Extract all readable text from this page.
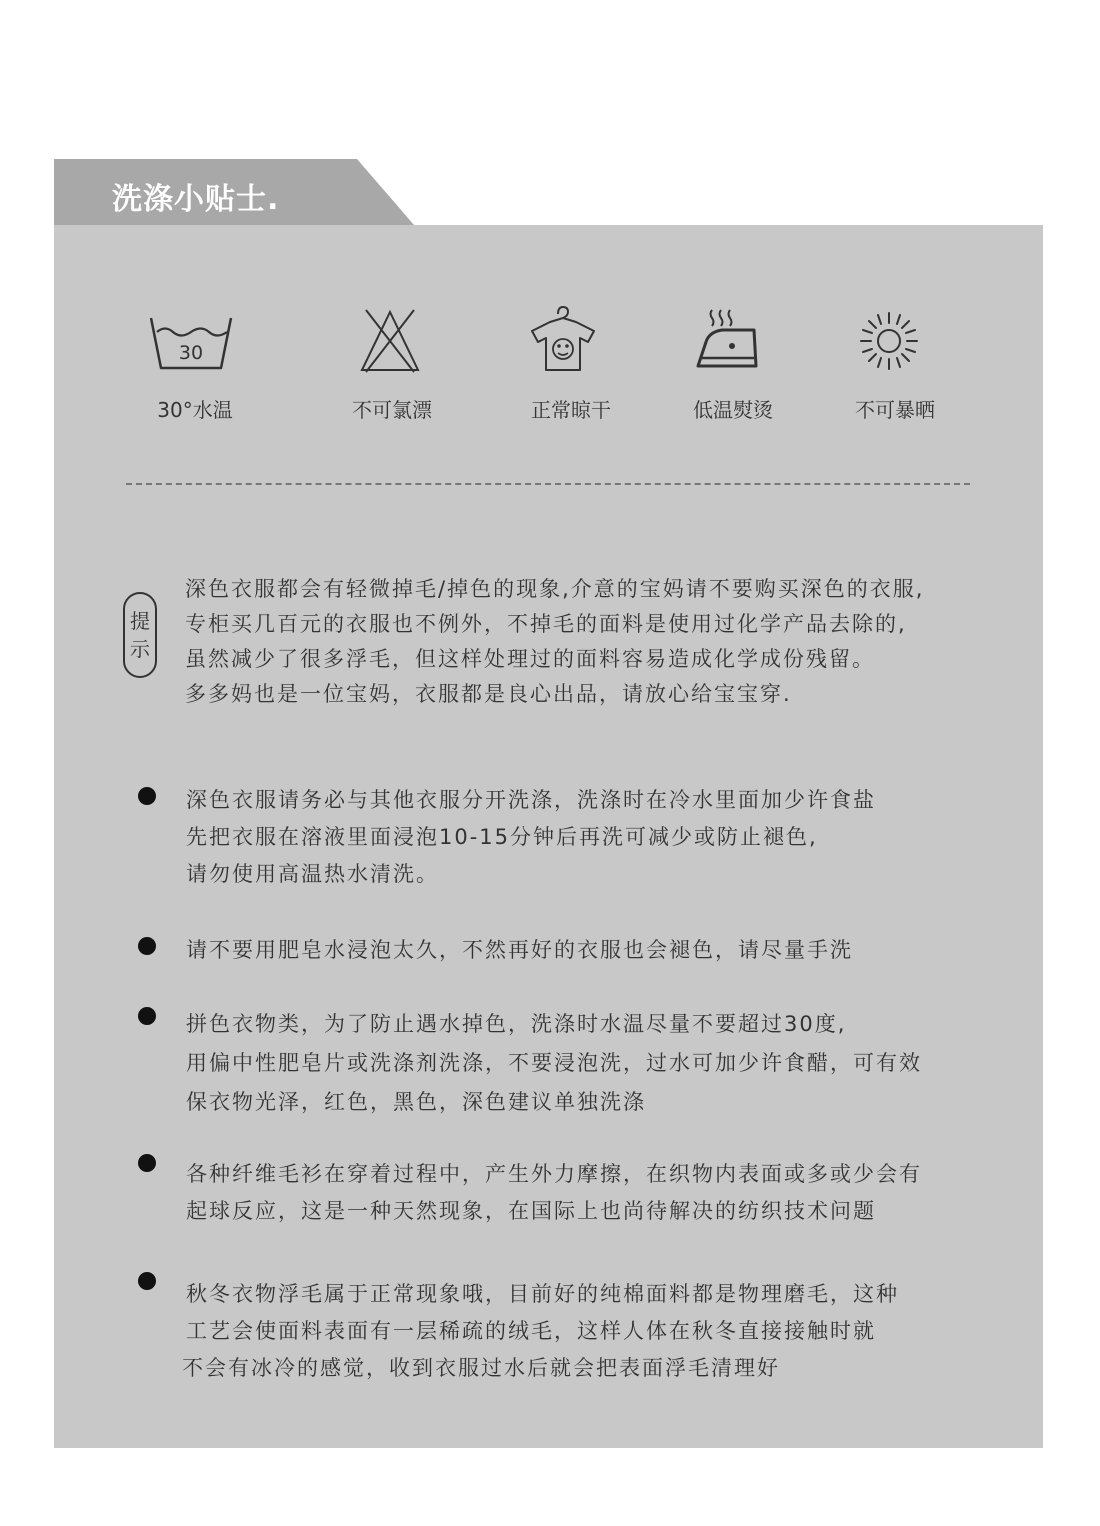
洗涤小贴士.
30
30°水温	不可氯漂	正常晾干	低温熨烫	不可暴晒
提
示
深色衣服都会有轻微掉毛/掉色的现象,介意的宝妈请不要购买深色的衣服,
专柜买几百元的衣服也不例外，不掉毛的面料是使用过化学产品去除的,
虽然减少了很多浮毛，但这样处理过的面料容易造成化学成份残留。
多多妈也是一位宝妈，衣服都是良心出品，请放心给宝宝穿.
深色衣服请务必与其他衣服分开洗涤，洗涤时在冷水里面加少许食盐
先把衣服在溶液里面浸泡10-15分钟后再洗可减少或防止褪色,
请勿使用高温热水清洗。
请不要用肥皂水浸泡太久，不然再好的衣服也会褪色，请尽量手洗
拼色衣物类，为了防止遇水掉色，洗涤时水温尽量不要超过30度,
用偏中性肥皂片或洗涤剂洗涤，不要浸泡洗，过水可加少许食醋，可有效
保衣物光泽，红色，黑色，深色建议单独洗涤
各种纤维毛衫在穿着过程中，产生外力摩擦，在织物内表面或多或少会有
起球反应，这是一种天然现象，在国际上也尚待解决的纺织技术问题
秋冬衣物浮毛属于正常现象哦，目前好的纯棉面料都是物理磨毛，这种
工艺会使面料表面有一层稀疏的绒毛，这样人体在秋冬直接接触时就
不会有冰冷的感觉，收到衣服过水后就会把表面浮毛清理好
